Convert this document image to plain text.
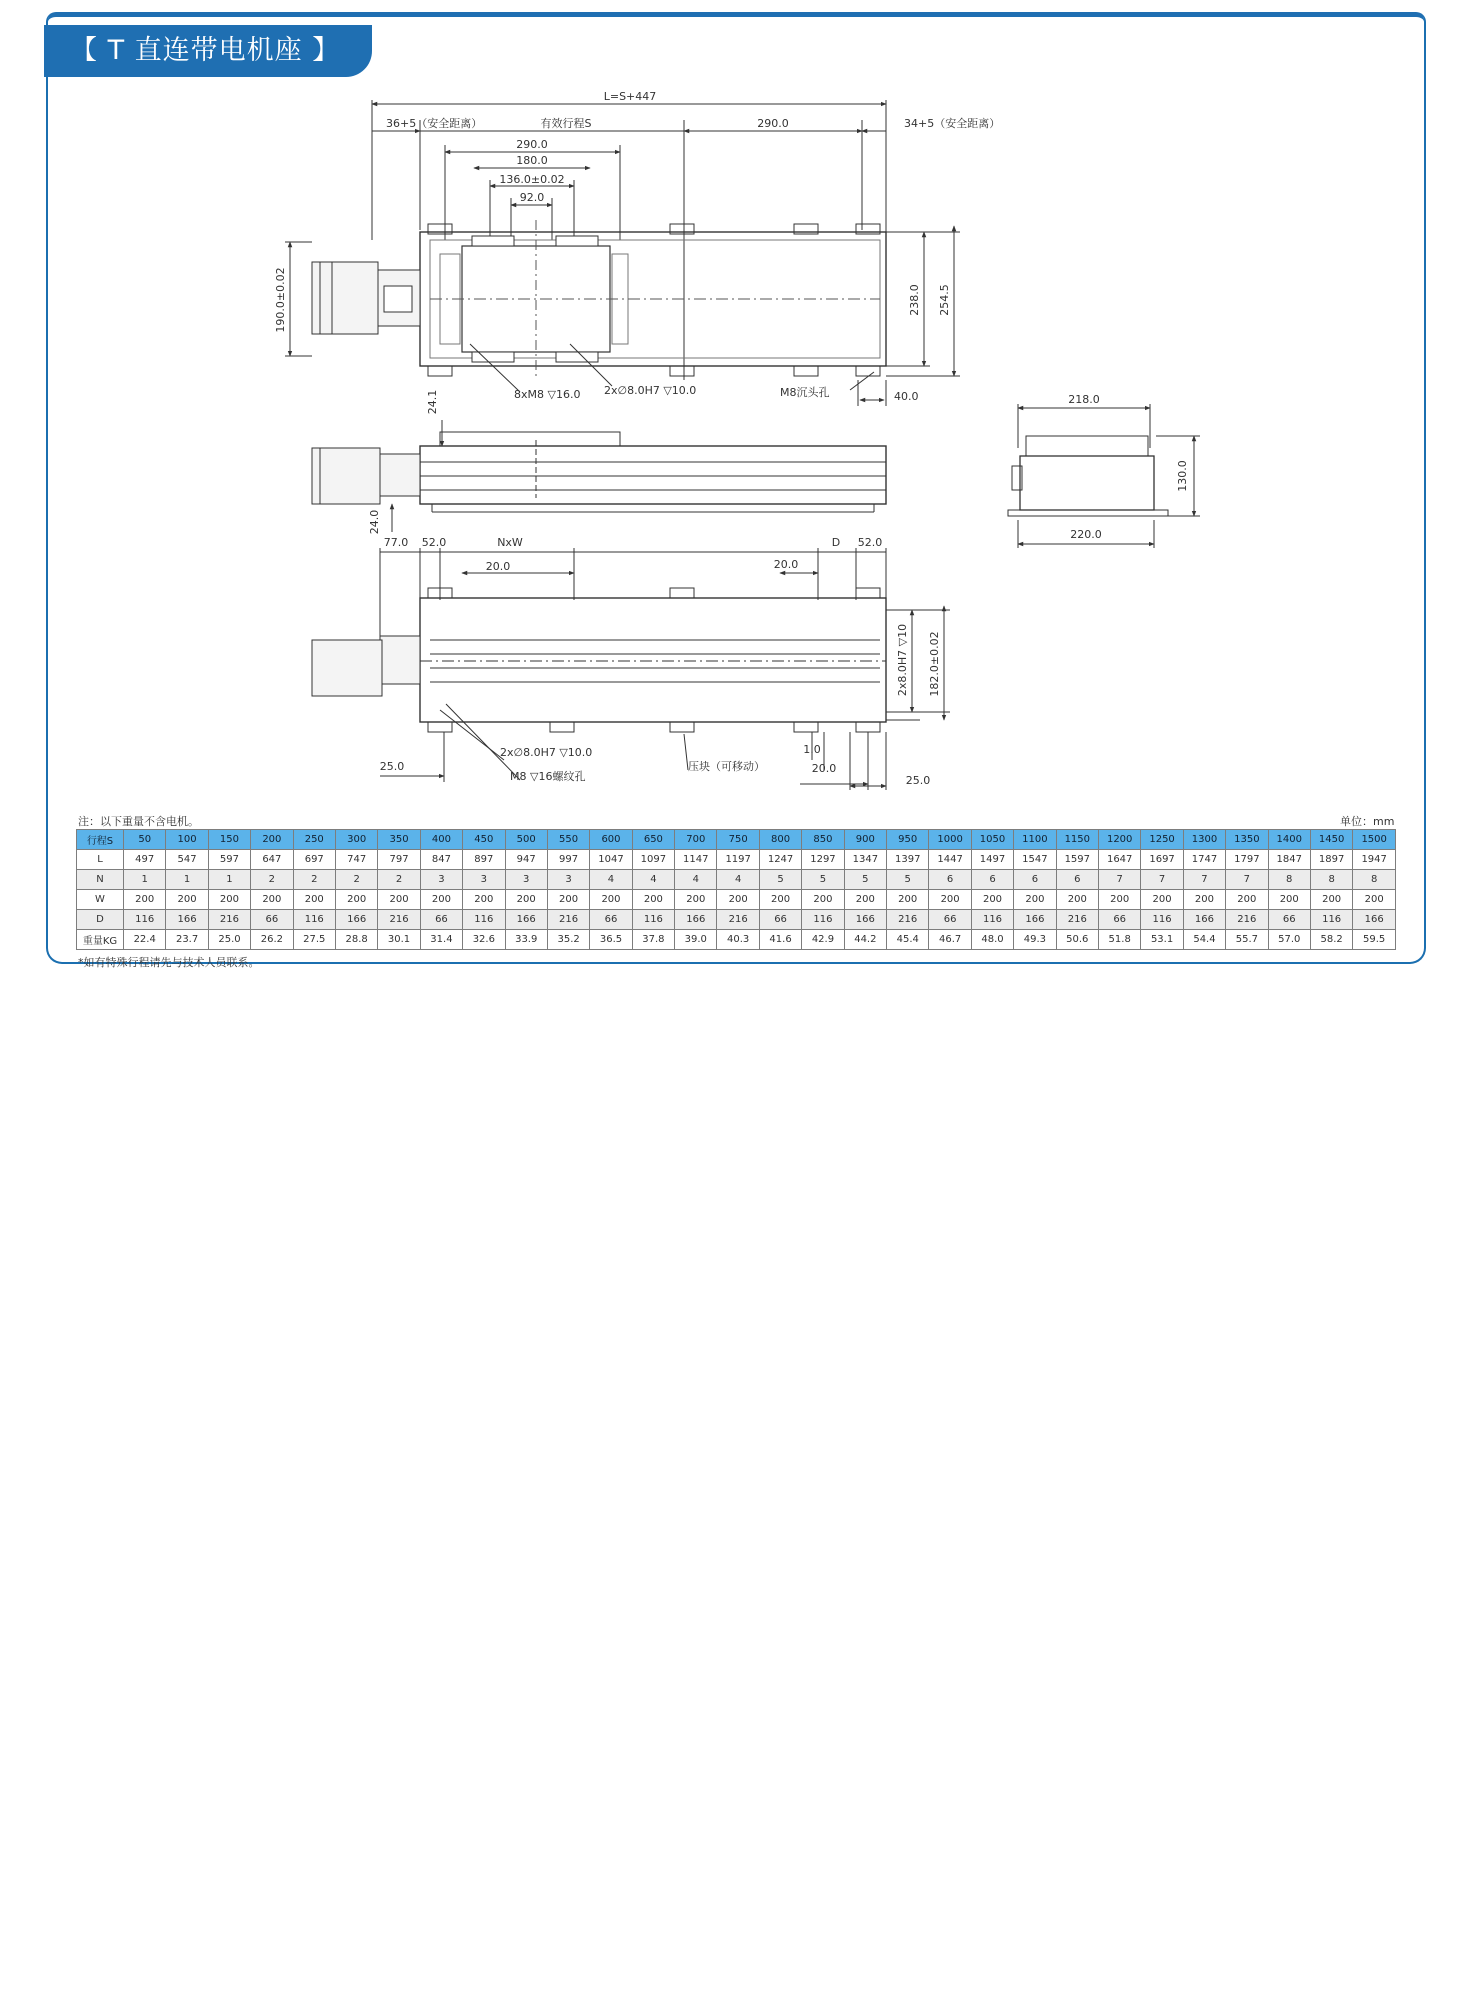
【 T 直连带电机座 】
L=S+447
36+5（安全距离）	有效行程S	290.0	34+5（安全距离）
290.0
180.0
136.0±0.02
92.0
190.0±0.02	238.0 254.5
8xM8 ▽16.0 2x∅8.0H7 ▽10.0	M8沉头孔	40.0
24.1
24.0
218.0
130.0
220.0
77.0 52.0	NxW	D 52.0
20.0	20.0
2x8.0H7 ▽10 182.0±0.02
25.0
2x∅8.0H7 ▽10.0
M8 ▽16螺纹孔
压块（可移动）
1.0
20.0
25.0
注：以下重量不含电机。	单位：mm
行程S	50	100	150	200	250	300	350	400	450	500	550	600	650	700	750	800	850	900	950	1000	1050	1100	1150	1200	1250	1300	1350	1400	1450	1500
L	497	547	597	647	697	747	797	847	897	947	997	1047	1097	1147	1197	1247	1297	1347	1397	1447	1497	1547	1597	1647	1697	1747	1797	1847	1897	1947
N	1	1	1	2	2	2	2	3	3	3	3	4	4	4	4	5	5	5	5	6	6	6	6	7	7	7	7	8	8	8
W	200	200	200	200	200	200	200	200	200	200	200	200	200	200	200	200	200	200	200	200	200	200	200	200	200	200	200	200	200	200
D	116	166	216	66	116	166	216	66	116	166	216	66	116	166	216	66	116	166	216	66	116	166	216	66	116	166	216	66	116	166
重量KG	22.4	23.7	25.0	26.2	27.5	28.8	30.1	31.4	32.6	33.9	35.2	36.5	37.8	39.0	40.3	41.6	42.9	44.2	45.4	46.7	48.0	49.3	50.6	51.8	53.1	54.4	55.7	57.0	58.2	59.5
*如有特殊行程请先与技术人员联系。
